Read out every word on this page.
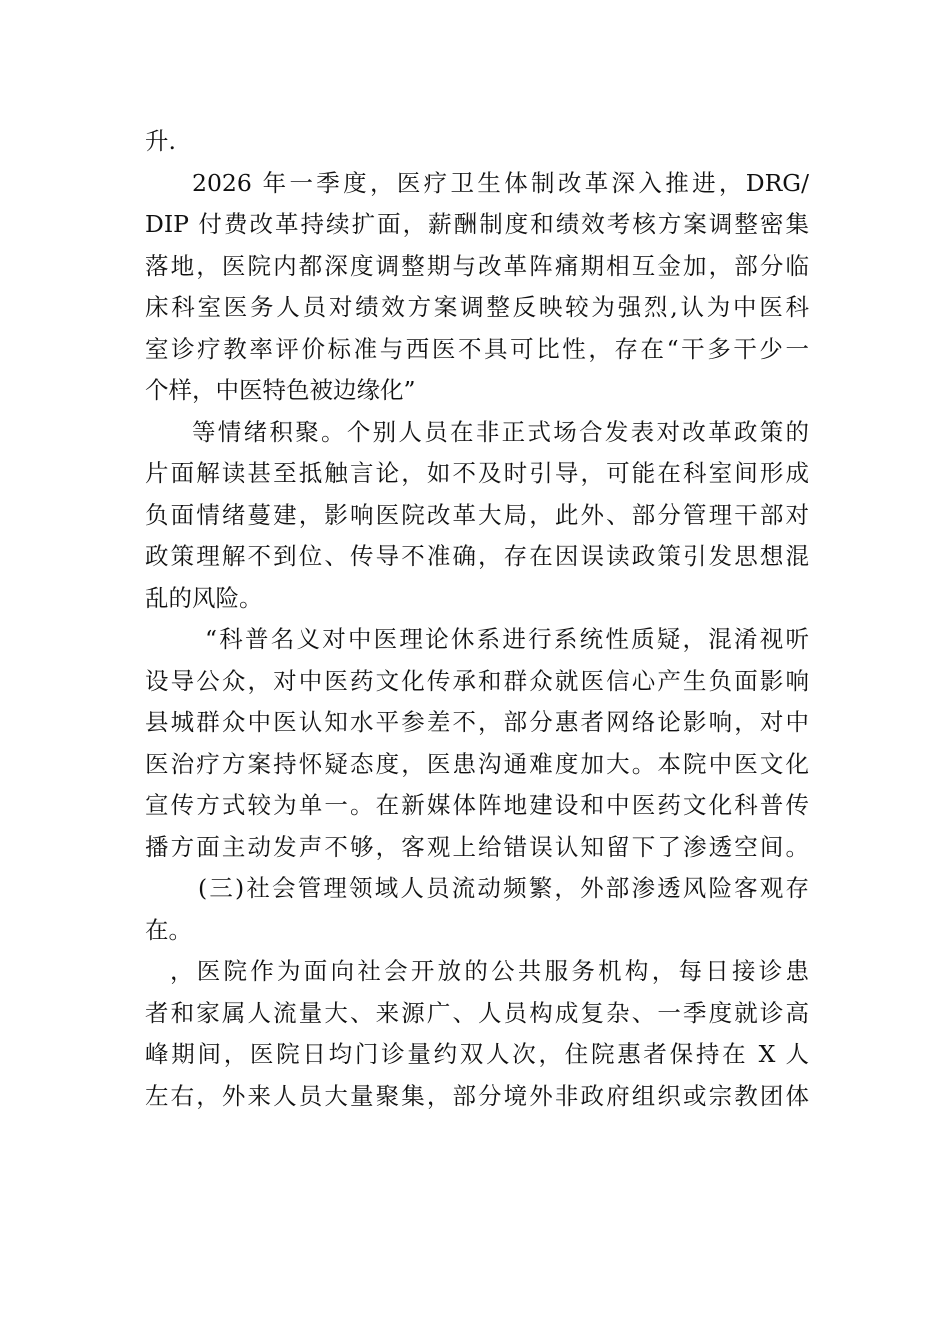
升.
2026 年一季度，医疗卫生体制改革深入推进，DRG/
DIP 付费改革持续扩面，薪酬制度和绩效考核方案调整密集
落地，医院内都深度调整期与改革阵痛期相互金加，部分临
床科室医务人员对绩效方案调整反映较为强烈,认为中医科
室诊疗教率评价标准与西医不具可比性，存在“干多干少一
个样，中医特色被边缘化”
等情绪积聚。个别人员在非正式场合发表对改革政策的
片面解读甚至抵触言论，如不及时引导，可能在科室间形成
负面情绪蔓建，影响医院改革大局，此外、部分管理干部对
政策理解不到位、传导不准确，存在因误读政策引发思想混
乱的风险。
“科普名义对中医理论休系进行系统性质疑，混淆视听
设导公众，对中医药文化传承和群众就医信心产生负面影响
县城群众中医认知水平参差不，部分惠者网络论影响，对中
医治疗方案持怀疑态度，医患沟通难度加大。本院中医文化
宣传方式较为单一。在新媒体阵地建设和中医药文化科普传
播方面主动发声不够，客观上给错误认知留下了渗透空间。
(三)社会管理领域人员流动频繁，外部渗透风险客观存
在。
，医院作为面向社会开放的公共服务机构，每日接诊患
者和家属人流量大、来源广、人员构成复杂、一季度就诊高
峰期间，医院日均门诊量约双人次，住院惠者保持在 X 人
左右，外来人员大量聚集，部分境外非政府组织或宗教团体
